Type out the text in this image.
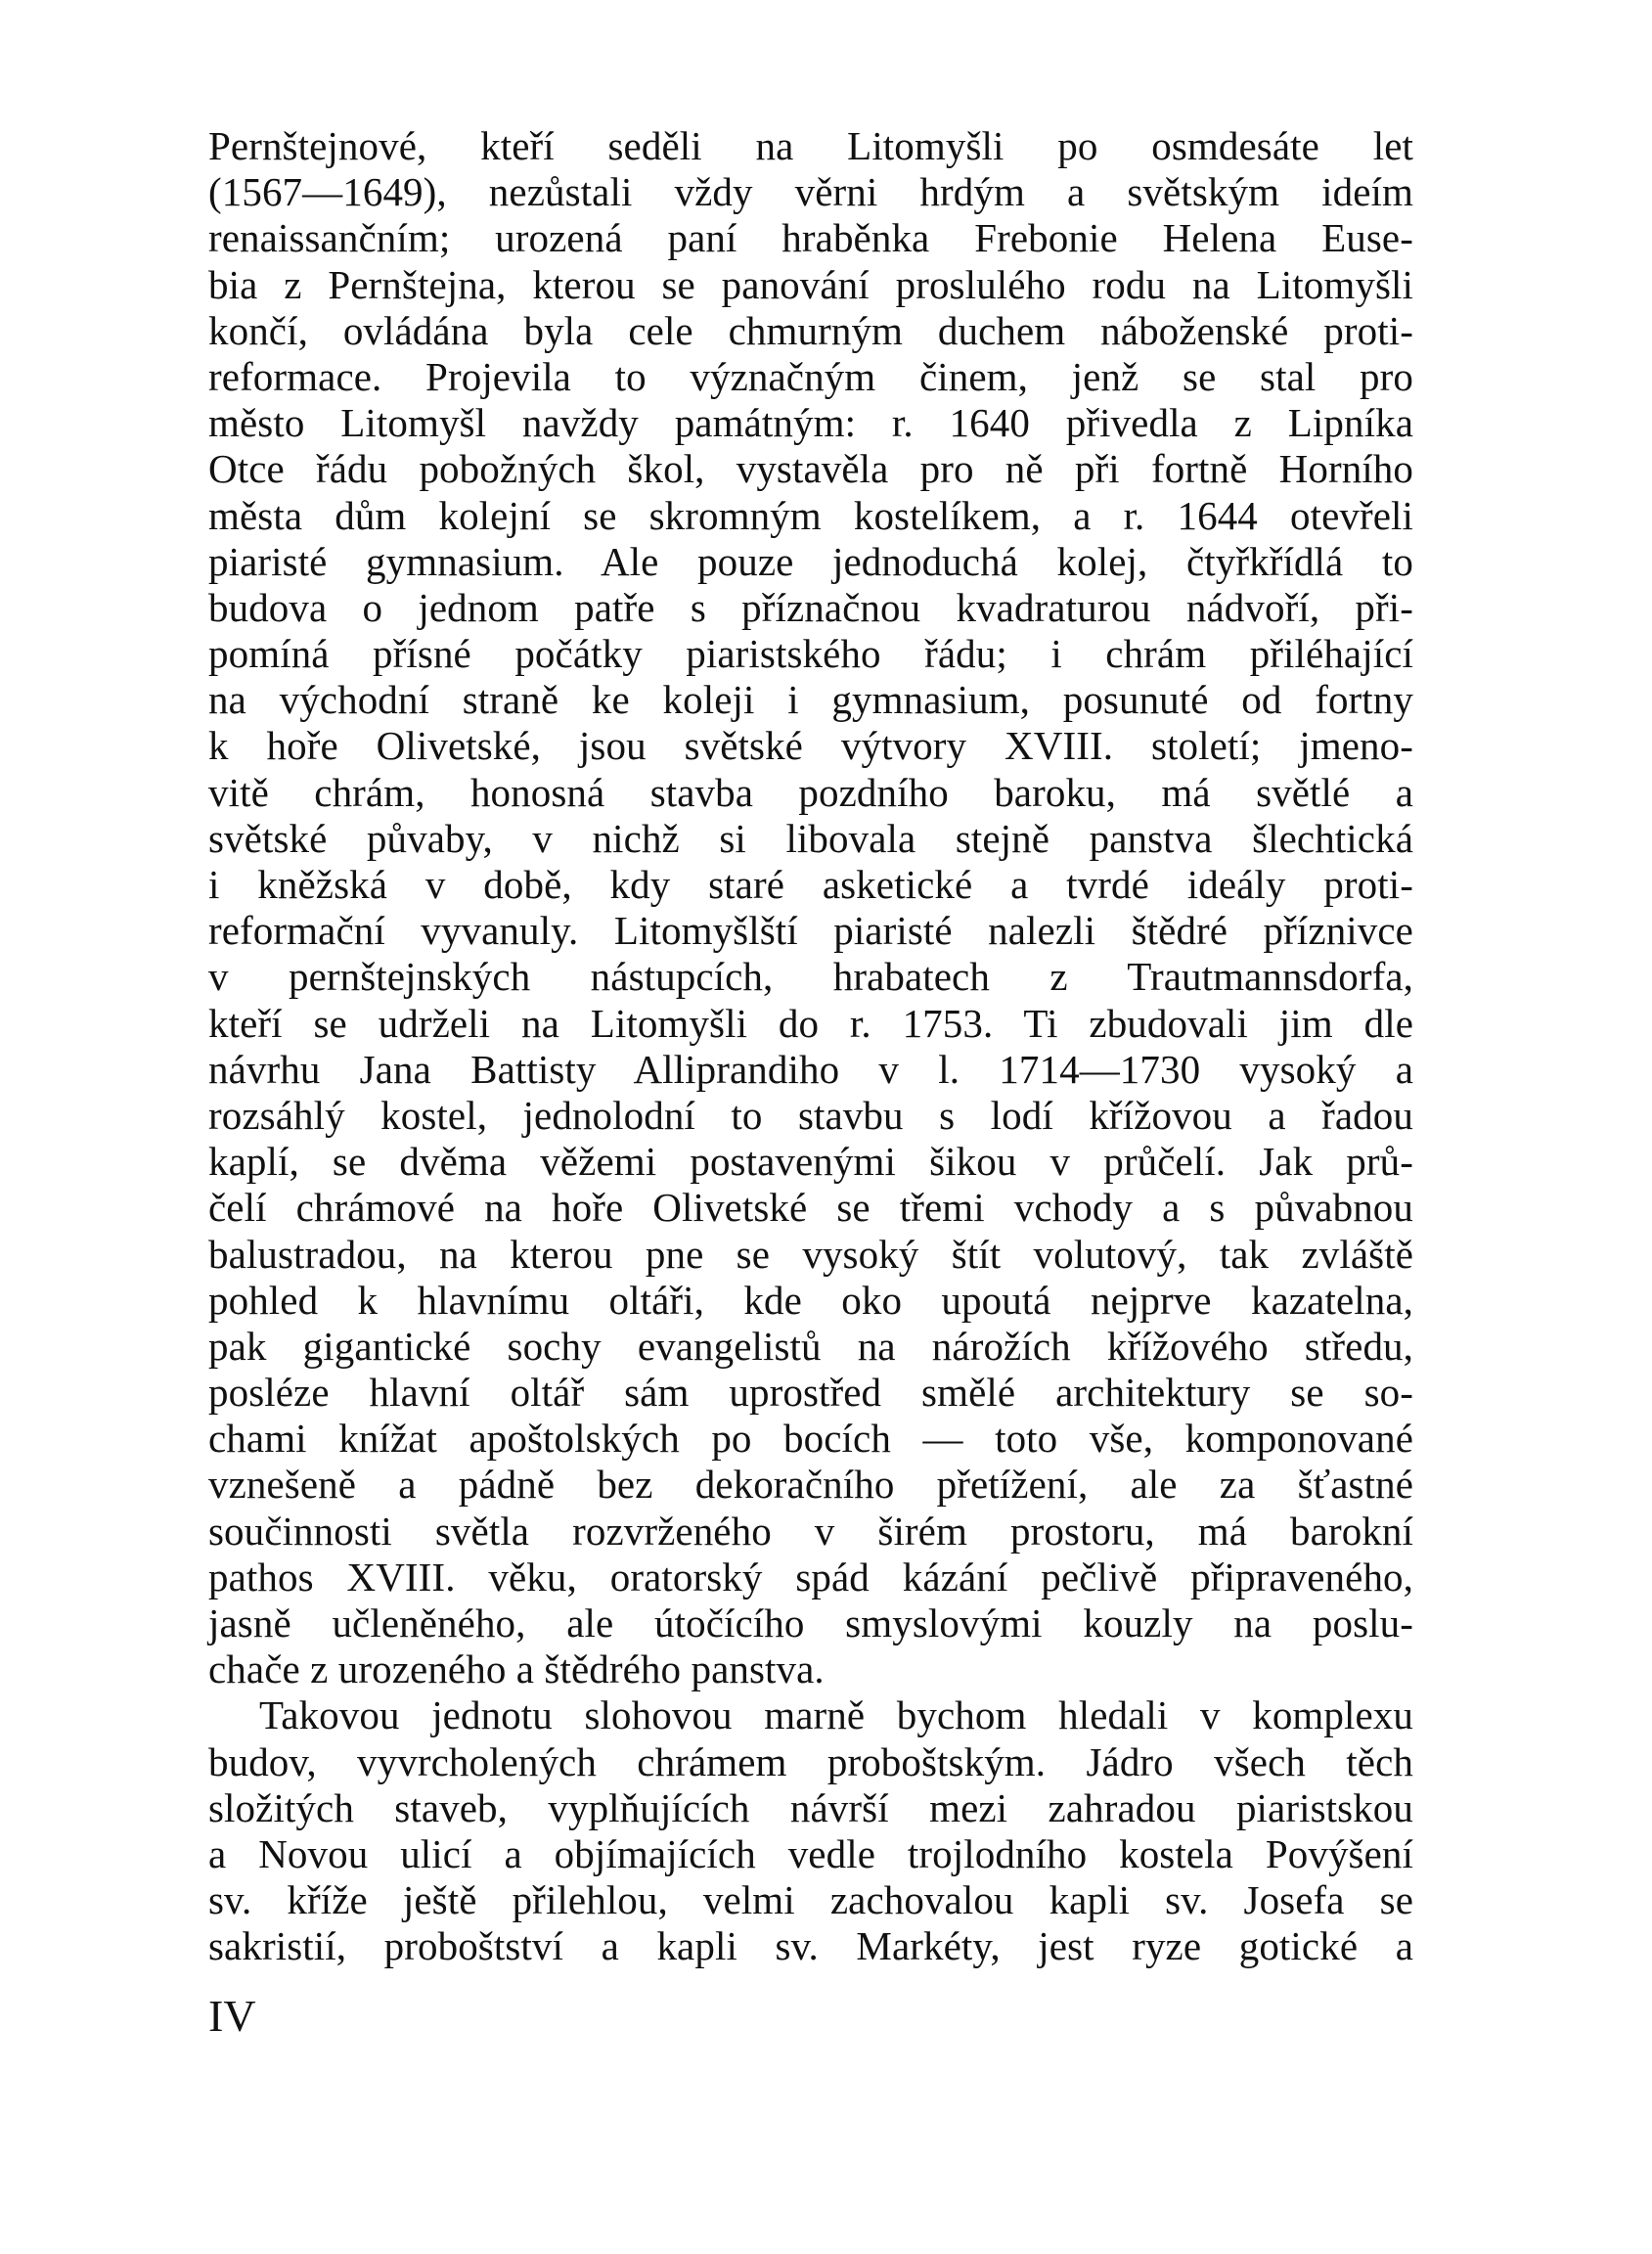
Pernštejnové, kteří seděli na Litomyšli po osmdesáte let
(1567—1649), nezůstali vždy věrni hrdým a světským ideím
renaissančním; urozená paní hraběnka Frebonie Helena Euse-
bia z Pernštejna, kterou se panování proslulého rodu na Litomyšli
končí, ovládána byla cele chmurným duchem náboženské proti-
reformace. Projevila to význačným činem, jenž se stal pro
město Litomyšl navždy památným: r. 1640 přivedla z Lipníka
Otce řádu pobožných škol, vystavěla pro ně při fortně Horního
města dům kolejní se skromným kostelíkem, a r. 1644 otevřeli
piaristé gymnasium. Ale pouze jednoduchá kolej, čtyřkřídlá to
budova o jednom patře s příznačnou kvadraturou nádvoří, při-
pomíná přísné počátky piaristského řádu; i chrám přiléhající
na východní straně ke koleji i gymnasium, posunuté od fortny
k hoře Olivetské, jsou světské výtvory XVIII. století; jmeno-
vitě chrám, honosná stavba pozdního baroku, má světlé a
světské půvaby, v nichž si libovala stejně panstva šlechtická
i kněžská v době, kdy staré asketické a tvrdé ideály proti-
reformační vyvanuly. Litomyšlští piaristé nalezli štědré příznivce
v pernštejnských nástupcích, hrabatech z Trautmannsdorfa,
kteří se udrželi na Litomyšli do r. 1753. Ti zbudovali jim dle
návrhu Jana Battisty Alliprandiho v l. 1714—1730 vysoký a
rozsáhlý kostel, jednolodní to stavbu s lodí křížovou a řadou
kaplí, se dvěma věžemi postavenými šikou v průčelí. Jak prů-
čelí chrámové na hoře Olivetské se třemi vchody a s půvabnou
balustradou, na kterou pne se vysoký štít volutový, tak zvláště
pohled k hlavnímu oltáři, kde oko upoutá nejprve kazatelna,
pak gigantické sochy evangelistů na nárožích křížového středu,
posléze hlavní oltář sám uprostřed smělé architektury se so-
chami knížat apoštolských po bocích — toto vše, komponované
vznešeně a pádně bez dekoračního přetížení, ale za šťastné
součinnosti světla rozvrženého v širém prostoru, má barokní
pathos XVIII. věku, oratorský spád kázání pečlivě připraveného,
jasně učleněného, ale útočícího smyslovými kouzly na poslu-
chače z urozeného a štědrého panstva.
Takovou jednotu slohovou marně bychom hledali v komplexu
budov, vyvrcholených chrámem proboštským. Jádro všech těch
složitých staveb, vyplňujících návrší mezi zahradou piaristskou
a Novou ulicí a objímajících vedle trojlodního kostela Povýšení
sv. kříže ještě přilehlou, velmi zachovalou kapli sv. Josefa se
sakristií, proboštství a kapli sv. Markéty, jest ryze gotické a
IV
